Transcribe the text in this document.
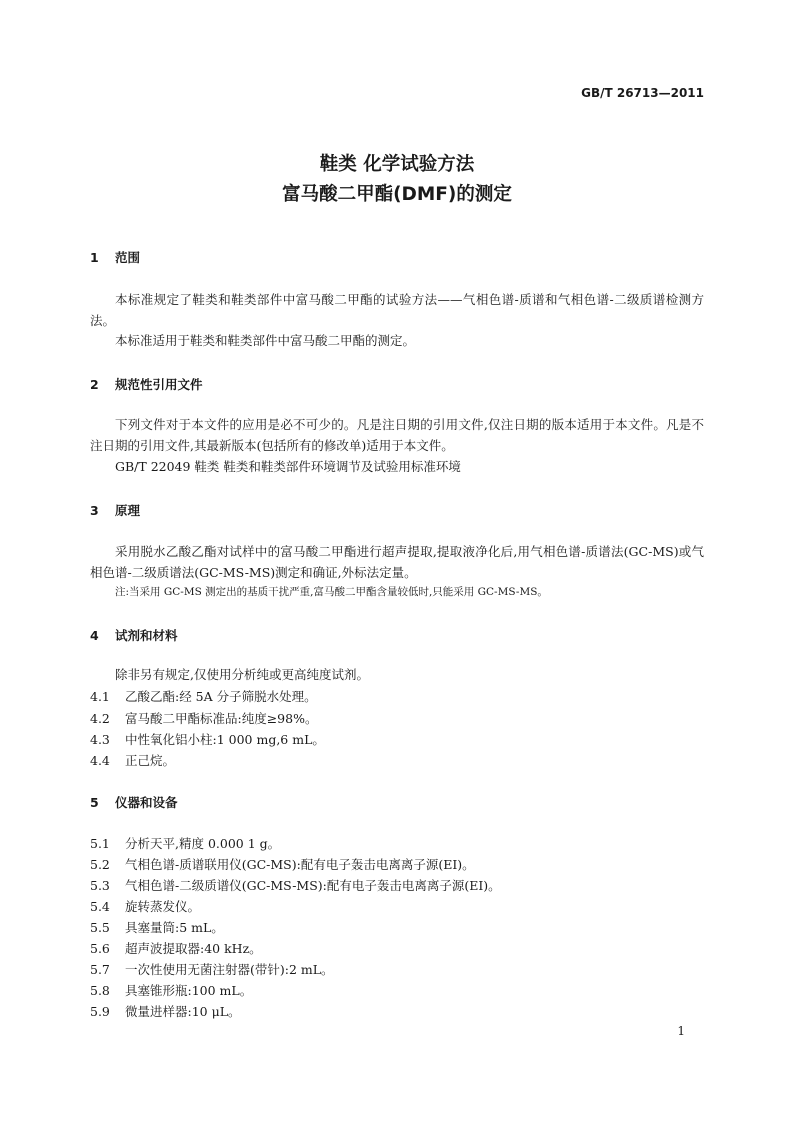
GB/T 26713—2011
鞋类 化学试验方法
富马酸二甲酯(DMF)的测定
1 范围
本标准规定了鞋类和鞋类部件中富马酸二甲酯的试验方法——气相色谱-质谱和气相色谱-二级质谱检测方法。
本标准适用于鞋类和鞋类部件中富马酸二甲酯的测定。
2 规范性引用文件
下列文件对于本文件的应用是必不可少的。凡是注日期的引用文件,仅注日期的版本适用于本文件。凡是不注日期的引用文件,其最新版本(包括所有的修改单)适用于本文件。
GB/T 22049 鞋类 鞋类和鞋类部件环境调节及试验用标准环境
3 原理
采用脱水乙酸乙酯对试样中的富马酸二甲酯进行超声提取,提取液净化后,用气相色谱-质谱法(GC-MS)或气相色谱-二级质谱法(GC-MS-MS)测定和确证,外标法定量。
注:当采用 GC-MS 测定出的基质干扰严重,富马酸二甲酯含量较低时,只能采用 GC-MS-MS。
4 试剂和材料
除非另有规定,仅使用分析纯或更高纯度试剂。
4.1 乙酸乙酯:经 5A 分子筛脱水处理。
4.2 富马酸二甲酯标准品:纯度≥98%。
4.3 中性氧化铝小柱:1 000 mg,6 mL。
4.4 正己烷。
5 仪器和设备
5.1 分析天平,精度 0.000 1 g。
5.2 气相色谱-质谱联用仪(GC-MS):配有电子轰击电离离子源(EI)。
5.3 气相色谱-二级质谱仪(GC-MS-MS):配有电子轰击电离离子源(EI)。
5.4 旋转蒸发仪。
5.5 具塞量筒:5 mL。
5.6 超声波提取器:40 kHz。
5.7 一次性使用无菌注射器(带针):2 mL。
5.8 具塞锥形瓶:100 mL。
5.9 微量进样器:10 μL。
1
